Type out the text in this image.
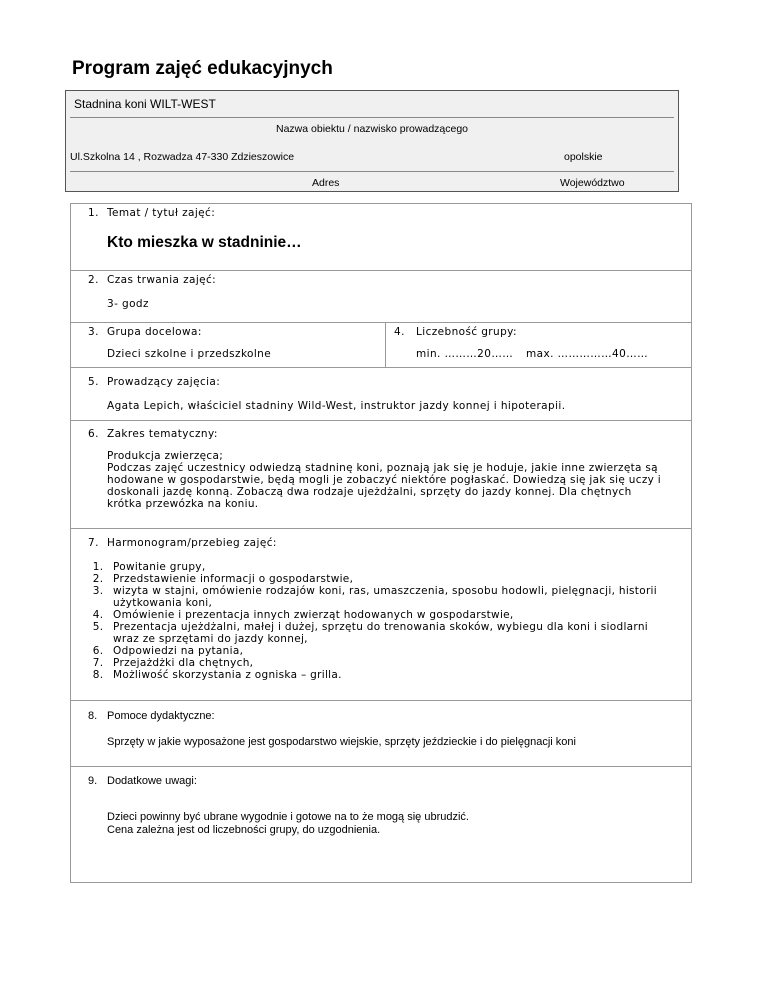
Program zajęć edukacyjnych
Stadnina koni WILT-WEST
Nazwa obiektu / nazwisko prowadzącego
Ul.Szkolna 14 , Rozwadza 47-330 Zdzieszowice	opolskie
Adres	Województwo
1. Temat / tytuł zajęć:
Kto mieszka w stadninie…
2. Czas trwania zajęć:
3- godz
3. Grupa docelowa:
Dzieci szkolne i przedszkolne
4. Liczebność grupy:
min. ………20…… max. ……………40……
5. Prowadzący zajęcia:
Agata Lepich, właściciel stadniny Wild-West, instruktor jazdy konnej i hipoterapii.
6. Zakres tematyczny:
Produkcja zwierzęca;
Podczas zajęć uczestnicy odwiedzą stadninę koni, poznają jak się je hoduje, jakie inne zwierzęta są
hodowane w gospodarstwie, będą mogli je zobaczyć niektóre pogłaskać. Dowiedzą się jak się uczy i
doskonali jazdę konną. Zobaczą dwa rodzaje ujeżdżalni, sprzęty do jazdy konnej. Dla chętnych
krótka przewózka na koniu.
7. Harmonogram/przebieg zajęć:
1. Powitanie grupy,
2. Przedstawienie informacji o gospodarstwie,
3. wizyta w stajni, omówienie rodzajów koni, ras, umaszczenia, sposobu hodowli, pielęgnacji, historii użytkowania koni,
4. Omówienie i prezentacja innych zwierząt hodowanych w gospodarstwie,
5. Prezentacja ujeżdżalni, małej i dużej, sprzętu do trenowania skoków, wybiegu dla koni i siodlarni wraz ze sprzętami do jazdy konnej,
6. Odpowiedzi na pytania,
7. Przejażdżki dla chętnych,
8. Możliwość skorzystania z ogniska – grilla.
8. Pomoce dydaktyczne:
Sprzęty w jakie wyposażone jest gospodarstwo wiejskie, sprzęty jeździeckie i do pielęgnacji koni
9. Dodatkowe uwagi:
Dzieci powinny być ubrane wygodnie i gotowe na to że mogą się ubrudzić.
Cena zależna jest od liczebności grupy, do uzgodnienia.
